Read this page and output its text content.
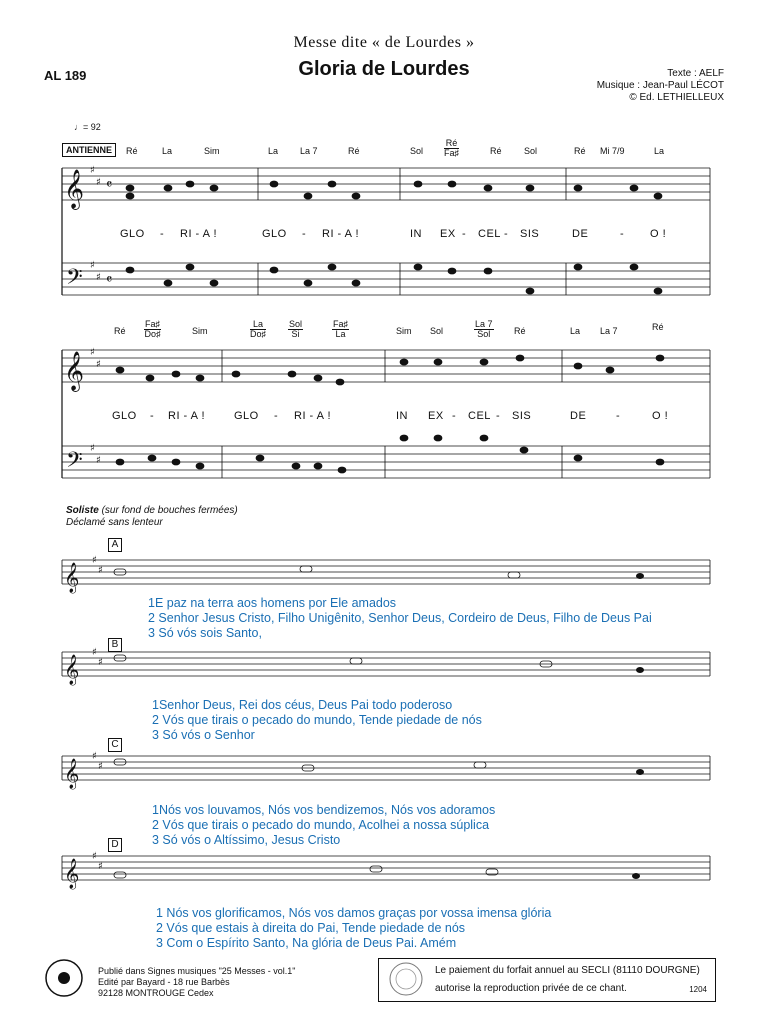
Messe dite « de Lourdes »
Gloria de Lourdes
AL 189	Texte : AELF
Musique : Jean-Paul LÉCOT
© Ed. LETHIELLEUX
♩= 92
ANTIENNE
𝄞
𝄢
𝄞
𝄢
𝄞
𝄞
𝄞
𝄞
♯
♯
♯
♯
♯
♯
♯
♯
♯
♯
♯
♯
♯
♯
♯
♯
𝄴
𝄴
Ré	La	Sim	La La 7	Ré	Sol $\frac{Ré}{Fa♯}$	Ré Sol	Ré Mi 7/9	La
GLO - RI - A !	GLO - RI - A !	IN EX - CEL - SIS	DE	- O !
Ré $\frac{Fa♯}{Do♯}$	Sim	$\frac{La}{Do♯}$	Sol
Si	$\frac{Fa♯}{La}$	Sim Sol
La 7
Sol	Ré	La La 7	Ré
GLO - RI - A !	GLO - RI - A !	IN EX - CEL - SIS	DE	-	O !
Soliste (sur fond de bouches fermées)
Déclamé sans lenteur
A
B
C
D
1E paz na terra aos homens por Ele amados
2 Senhor Jesus Cristo, Filho Unigênito, Senhor Deus, Cordeiro de Deus, Filho de Deus Pai
3 Só vós sois Santo,
1Senhor Deus, Rei dos céus, Deus Pai todo poderoso
2 Vós que tirais o pecado do mundo, Tende piedade de nós
3 Só vós o Senhor
1Nós vos louvamos, Nós vos bendizemos, Nós vos adoramos
2 Vós que tirais o pecado do mundo, Acolhei a nossa súplica
3 Só vós o Altíssimo, Jesus Cristo
1 Nós vos glorificamos, Nós vos damos graças por vossa imensa glória
2 Vós que estais à direita do Pai, Tende piedade de nós
3 Com o Espírito Santo, Na glória de Deus Pai. Amém
Publié dans Signes musiques "25 Messes - vol.1"
Edité par Bayard - 18 rue Barbès
92128 MONTROUGE Cedex
Le paiement du forfait annuel au SECLI (81110 DOURGNE)
autorise la reproduction privée de ce chant.	1204
